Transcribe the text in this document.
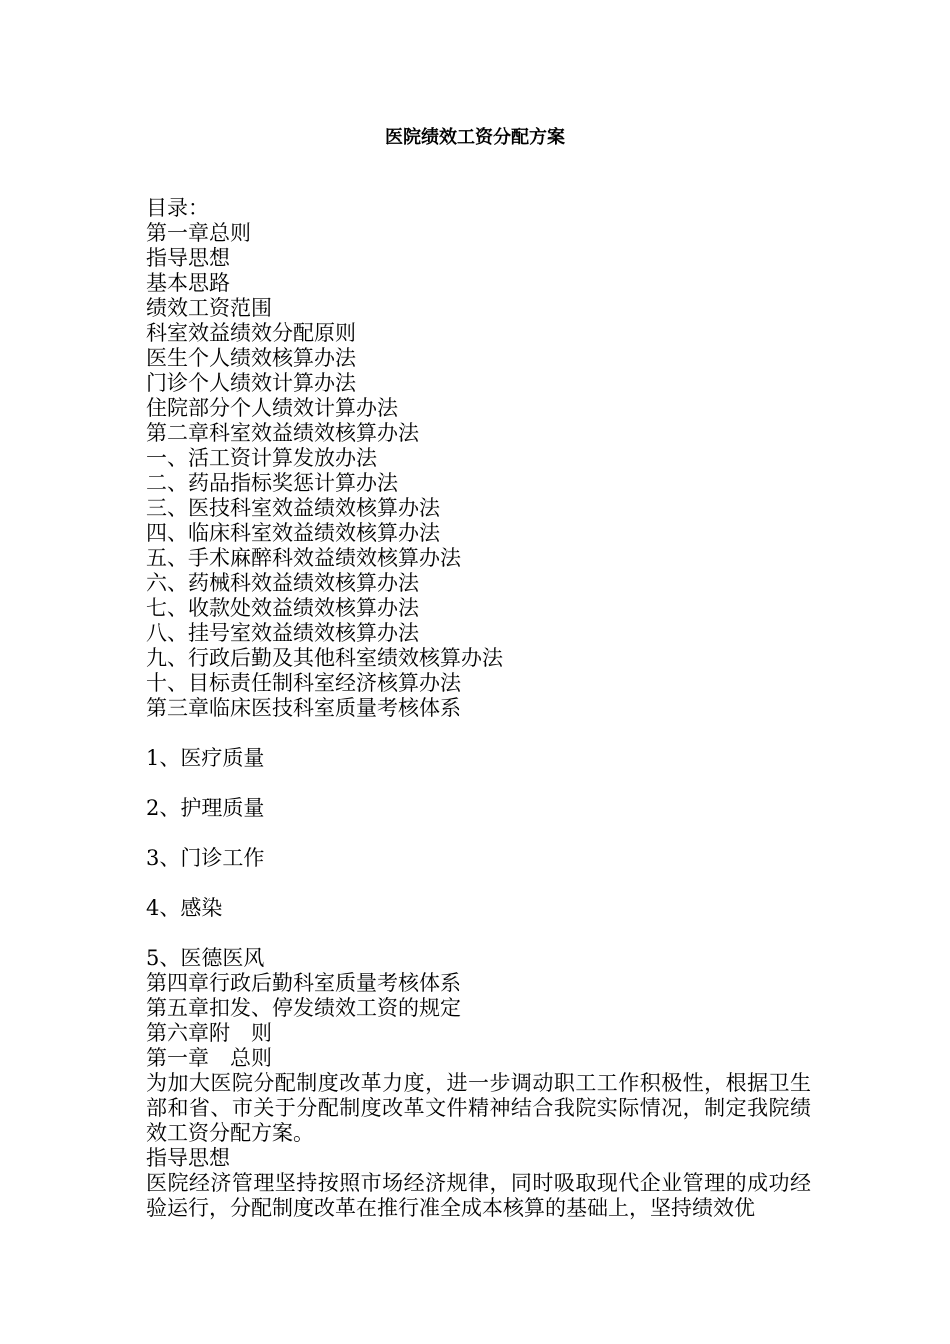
医院绩效工资分配方案
目录：
第一章总则
指导思想
基本思路
绩效工资范围
科室效益绩效分配原则
医生个人绩效核算办法
门诊个人绩效计算办法
住院部分个人绩效计算办法
第二章科室效益绩效核算办法
一、活工资计算发放办法
二、药品指标奖惩计算办法
三、医技科室效益绩效核算办法
四、临床科室效益绩效核算办法
五、手术麻醉科效益绩效核算办法
六、药械科效益绩效核算办法
七、收款处效益绩效核算办法
八、挂号室效益绩效核算办法
九、行政后勤及其他科室绩效核算办法
十、目标责任制科室经济核算办法
第三章临床医技科室质量考核体系
1、医疗质量
2、护理质量
3、门诊工作
4、感染
5、医德医风
第四章行政后勤科室质量考核体系
第五章扣发、停发绩效工资的规定
第六章附　则
第一章　总则
为加大医院分配制度改革力度，进一步调动职工工作积极性，根据卫生部和省、市关于分配制度改革文件精神结合我院实际情况，制定我院绩效工资分配方案。
指导思想
医院经济管理坚持按照市场经济规律，同时吸取现代企业管理的成功经验运行，分配制度改革在推行准全成本核算的基础上，坚持绩效优
